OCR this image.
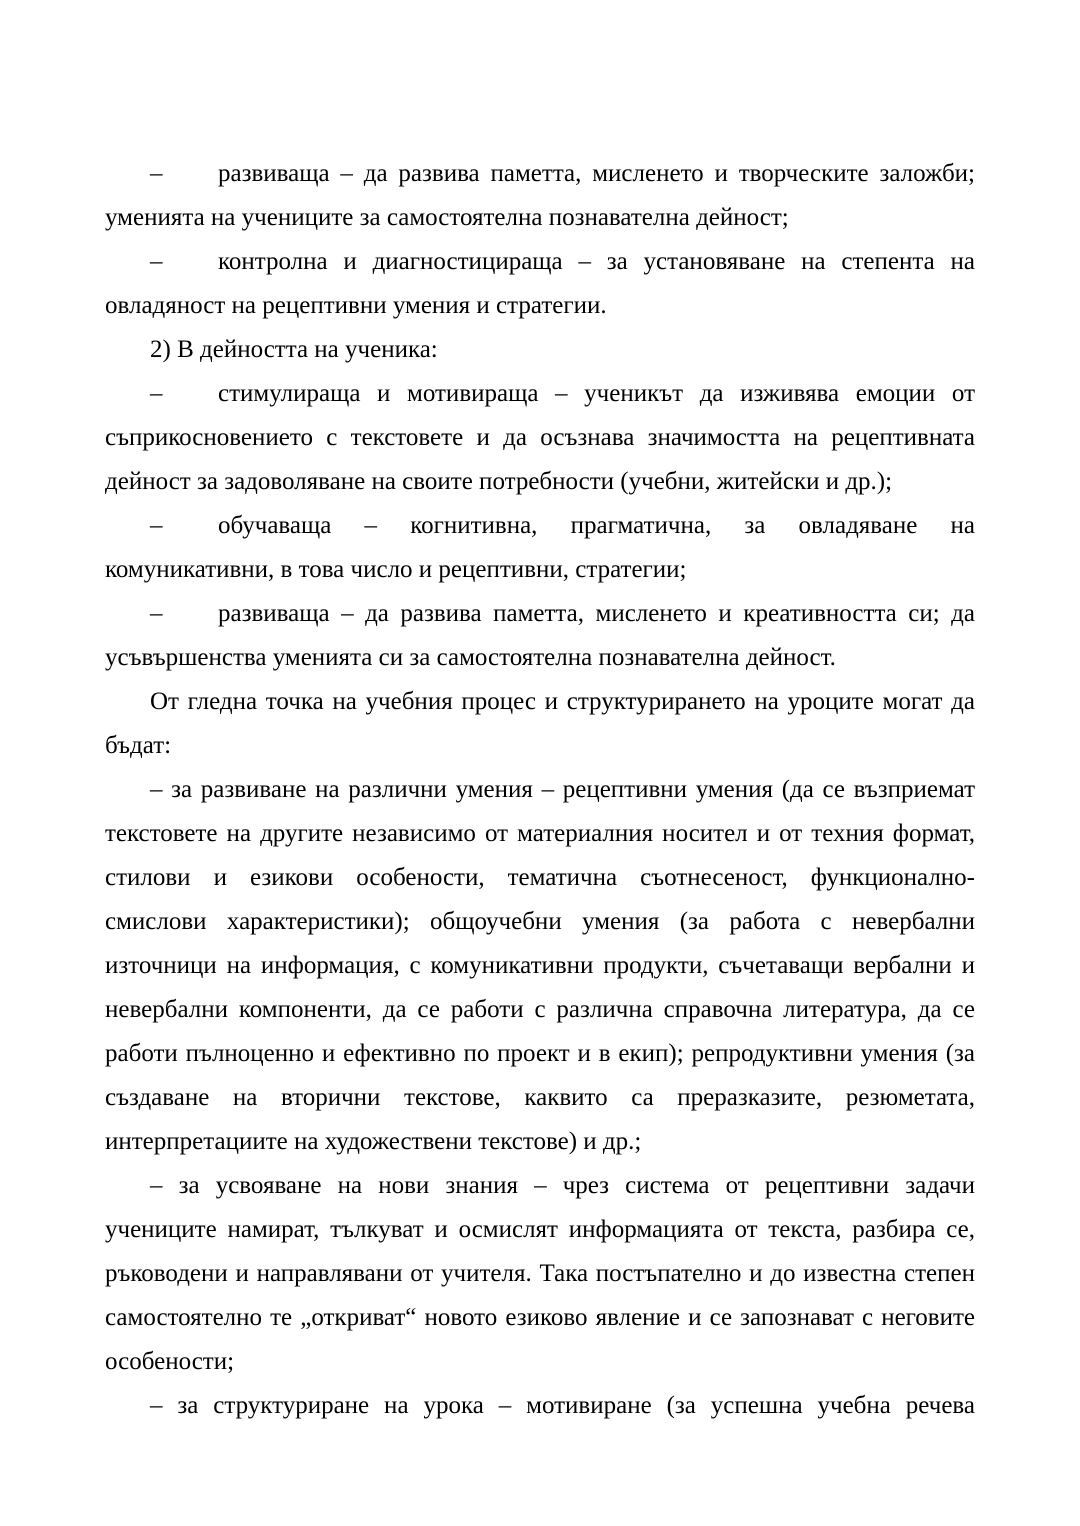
– развиваща – да развива паметта, мисленето и творческите заложби;
уменията на учениците за самостоятелна познавателна дейност;

– контролна и диагностицираща – за установяване на степента на
овладяност на рецептивни умения и стратегии.

2) В дейността на ученика:

– стимулираща и мотивираща – ученикът да изживява емоции от
съприкосновението с текстовете и да осъзнава значимостта на рецептивната
дейност за задоволяване на своите потребности (учебни, житейски и др.);

– обучаваща – когнитивна, прагматична, за овладяване на
комуникативни, в това число и рецептивни, стратегии;

– развиваща – да развива паметта, мисленето и креативността си; да
усъвършенства уменията си за самостоятелна познавателна дейност.

От гледна точка на учебния процес и структурирането на уроците могат да
бъдат:

– за развиване на различни умения – рецептивни умения (да се възприемат
текстовете на другите независимо от материалния носител и от техния формат,
стилови и езикови особености, тематична съотнесеност, функционално-
смислови характеристики); общоучебни умения (за работа с невербални
източници на информация, с комуникативни продукти, съчетаващи вербални и
невербални компоненти, да се работи с различна справочна литература, да се
работи пълноценно и ефективно по проект и в екип); репродуктивни умения (за
създаване на вторични текстове, каквито са преразказите, резюметата,
интерпретациите на художествени текстове) и др.;

– за усвояване на нови знания – чрез система от рецептивни задачи
учениците намират, тълкуват и осмислят информацията от текста, разбира се,
ръководени и направлявани от учителя. Така постъпателно и до известна степен
самостоятелно те „откриват“ новото езиково явление и се запознават с неговите
особености;

– за структуриране на урока – мотивиране (за успешна учебна речева
